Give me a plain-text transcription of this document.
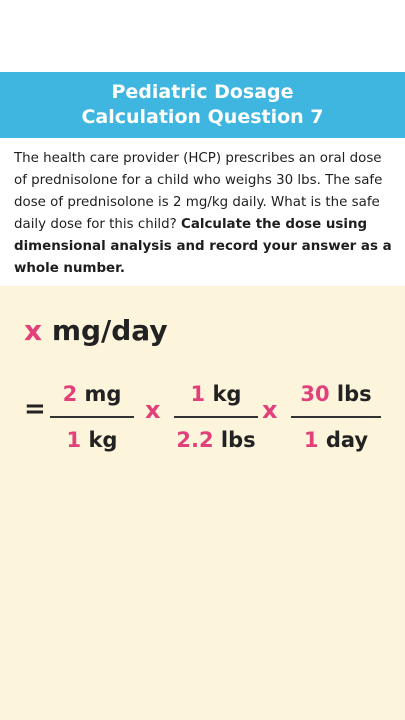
Pediatric Dosage
Calculation Question 7
The health care provider (HCP) prescribes an oral dose of prednisolone for a child who weighs 30 lbs. The safe dose of prednisolone is 2 mg/kg daily. What is the safe daily dose for this child? Calculate the dose using dimensional analysis and record your answer as a whole number.
x mg/day
= 2 mg
1 kg
x
1 kg
2.2 lbs
x
30 lbs
1 day
